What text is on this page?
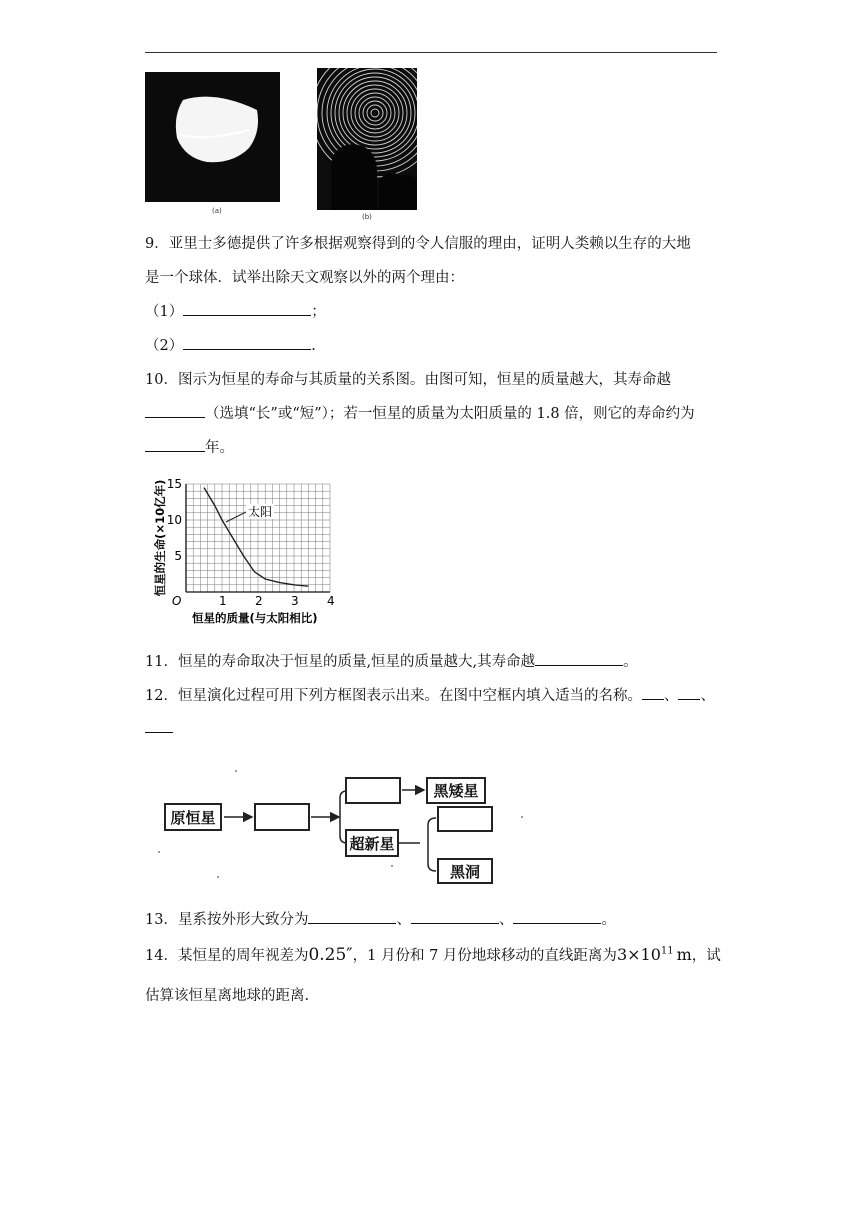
(a)
(b)
9．亚里士多德提供了许多根据观察得到的令人信服的理由，证明人类赖以生存的大地
是一个球体．试举出除天文观察以外的两个理由：
（1）	；
（2）	.
10．图示为恒星的寿命与其质量的关系图。由图可知，恒星的质量越大，其寿命越
（选填“长”或“短”）；若一恒星的质量为太阳质量的 1.8 倍，则它的寿命约为
年。
太阳
1 2 3 4
5
10
15
O
恒星的质量(与太阳相比)
恒星的生命(×10亿年)
11．恒星的寿命取决于恒星的质量,恒星的质量越大,其寿命越	。
12．恒星演化过程可用下列方框图表示出来。在图中空框内填入适当的名称。 、 、
原恒星
黑矮星
超新星
黑洞
13．星系按外形大致分为	、	、	。
14．某恒星的周年视差为0.25″，1 月份和 7 月份地球移动的直线距离为$3\times 10^{11}$ m，试
估算该恒星离地球的距离.
